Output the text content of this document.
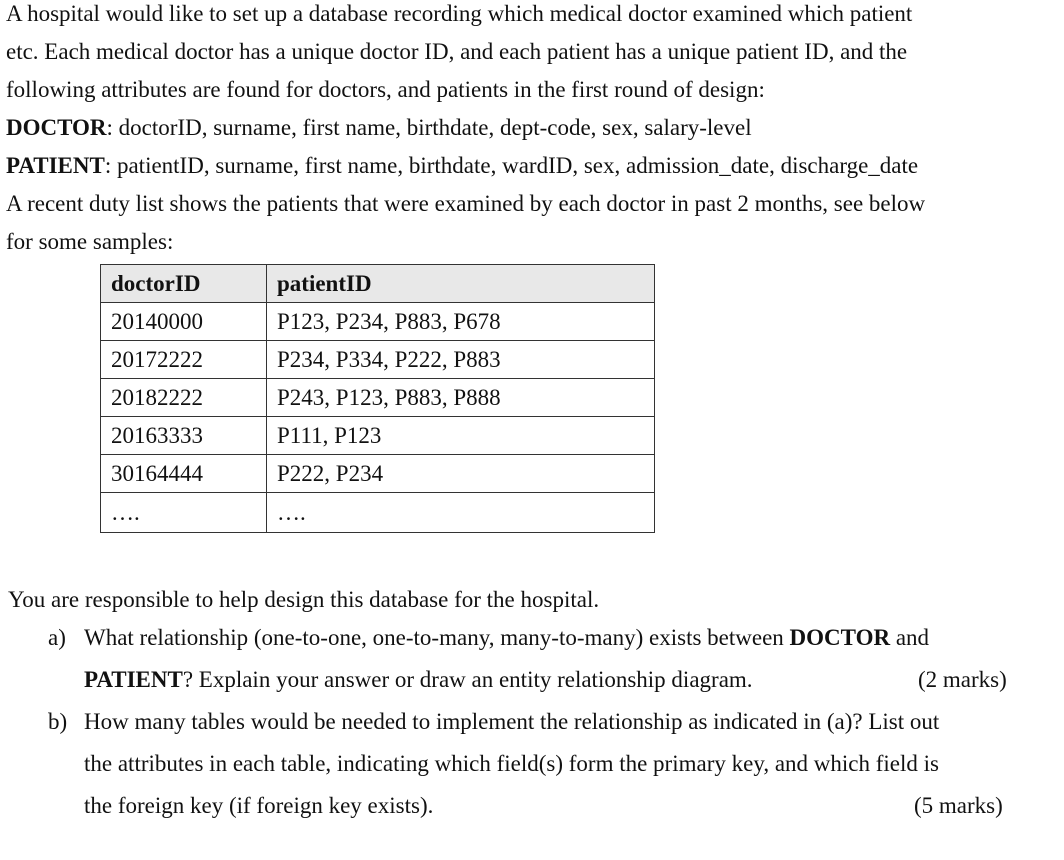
A hospital would like to set up a database recording which medical doctor examined which patient
etc. Each medical doctor has a unique doctor ID, and each patient has a unique patient ID, and the
following attributes are found for doctors, and patients in the first round of design:
DOCTOR: doctorID, surname, first name, birthdate, dept-code, sex, salary-level
PATIENT: patientID, surname, first name, birthdate, wardID, sex, admission_date, discharge_date
A recent duty list shows the patients that were examined by each doctor in past 2 months, see below
for some samples:
doctorID	patientID
20140000	P123, P234, P883, P678
20172222	P234, P334, P222, P883
20182222	P243, P123, P883, P888
20163333	P111, P123
30164444	P222, P234
….	….
You are responsible to help design this database for the hospital.
a) What relationship (one-to-one, one-to-many, many-to-many) exists between DOCTOR and
PATIENT? Explain your answer or draw an entity relationship diagram.	(2 marks)
b) How many tables would be needed to implement the relationship as indicated in (a)? List out
the attributes in each table, indicating which field(s) form the primary key, and which field is
the foreign key (if foreign key exists).	(5 marks)
